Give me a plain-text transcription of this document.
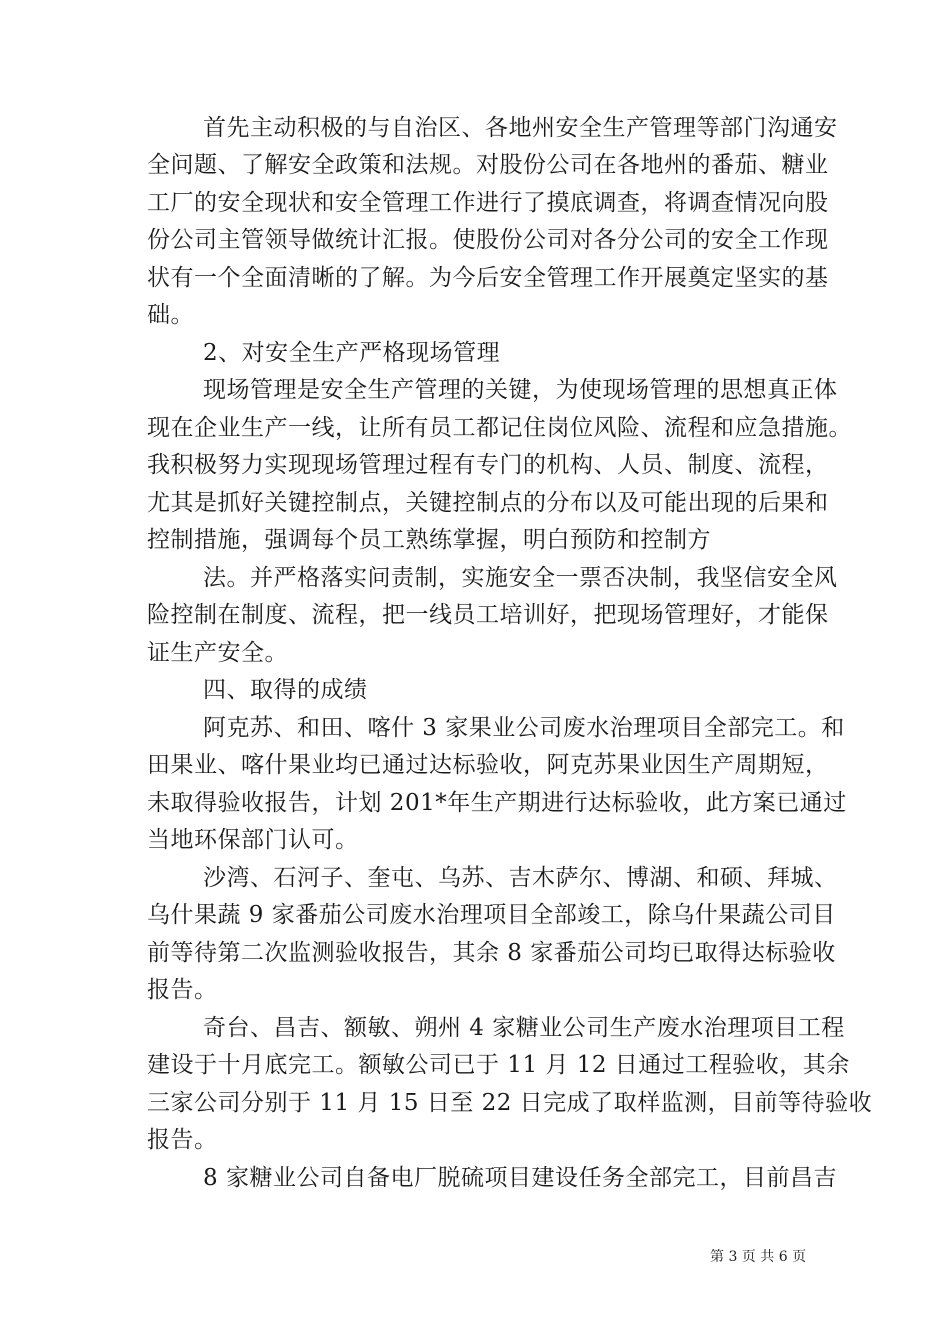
首先主动积极的与自治区、各地州安全生产管理等部门沟通安
全问题、了解安全政策和法规。对股份公司在各地州的番茄、糖业
工厂的安全现状和安全管理工作进行了摸底调查，将调查情况向股
份公司主管领导做统计汇报。使股份公司对各分公司的安全工作现
状有一个全面清晰的了解。为今后安全管理工作开展奠定坚实的基
础。
2、对安全生产严格现场管理
现场管理是安全生产管理的关键，为使现场管理的思想真正体
现在企业生产一线，让所有员工都记住岗位风险、流程和应急措施。
我积极努力实现现场管理过程有专门的机构、人员、制度、流程，
尤其是抓好关键控制点，关键控制点的分布以及可能出现的后果和
控制措施，强调每个员工熟练掌握，明白预防和控制方
法。并严格落实问责制，实施安全一票否决制，我坚信安全风
险控制在制度、流程，把一线员工培训好，把现场管理好，才能保
证生产安全。
四、取得的成绩
阿克苏、和田、喀什 3 家果业公司废水治理项目全部完工。和
田果业、喀什果业均已通过达标验收，阿克苏果业因生产周期短，
未取得验收报告，计划 201*年生产期进行达标验收，此方案已通过
当地环保部门认可。
沙湾、石河子、奎屯、乌苏、吉木萨尔、博湖、和硕、拜城、
乌什果蔬 9 家番茄公司废水治理项目全部竣工，除乌什果蔬公司目
前等待第二次监测验收报告，其余 8 家番茄公司均已取得达标验收
报告。
奇台、昌吉、额敏、朔州 4 家糖业公司生产废水治理项目工程
建设于十月底完工。额敏公司已于 11 月 12 日通过工程验收，其余
三家公司分别于 11 月 15 日至 22 日完成了取样监测，目前等待验收
报告。
8 家糖业公司自备电厂脱硫项目建设任务全部完工，目前昌吉
第 3 页 共 6 页
